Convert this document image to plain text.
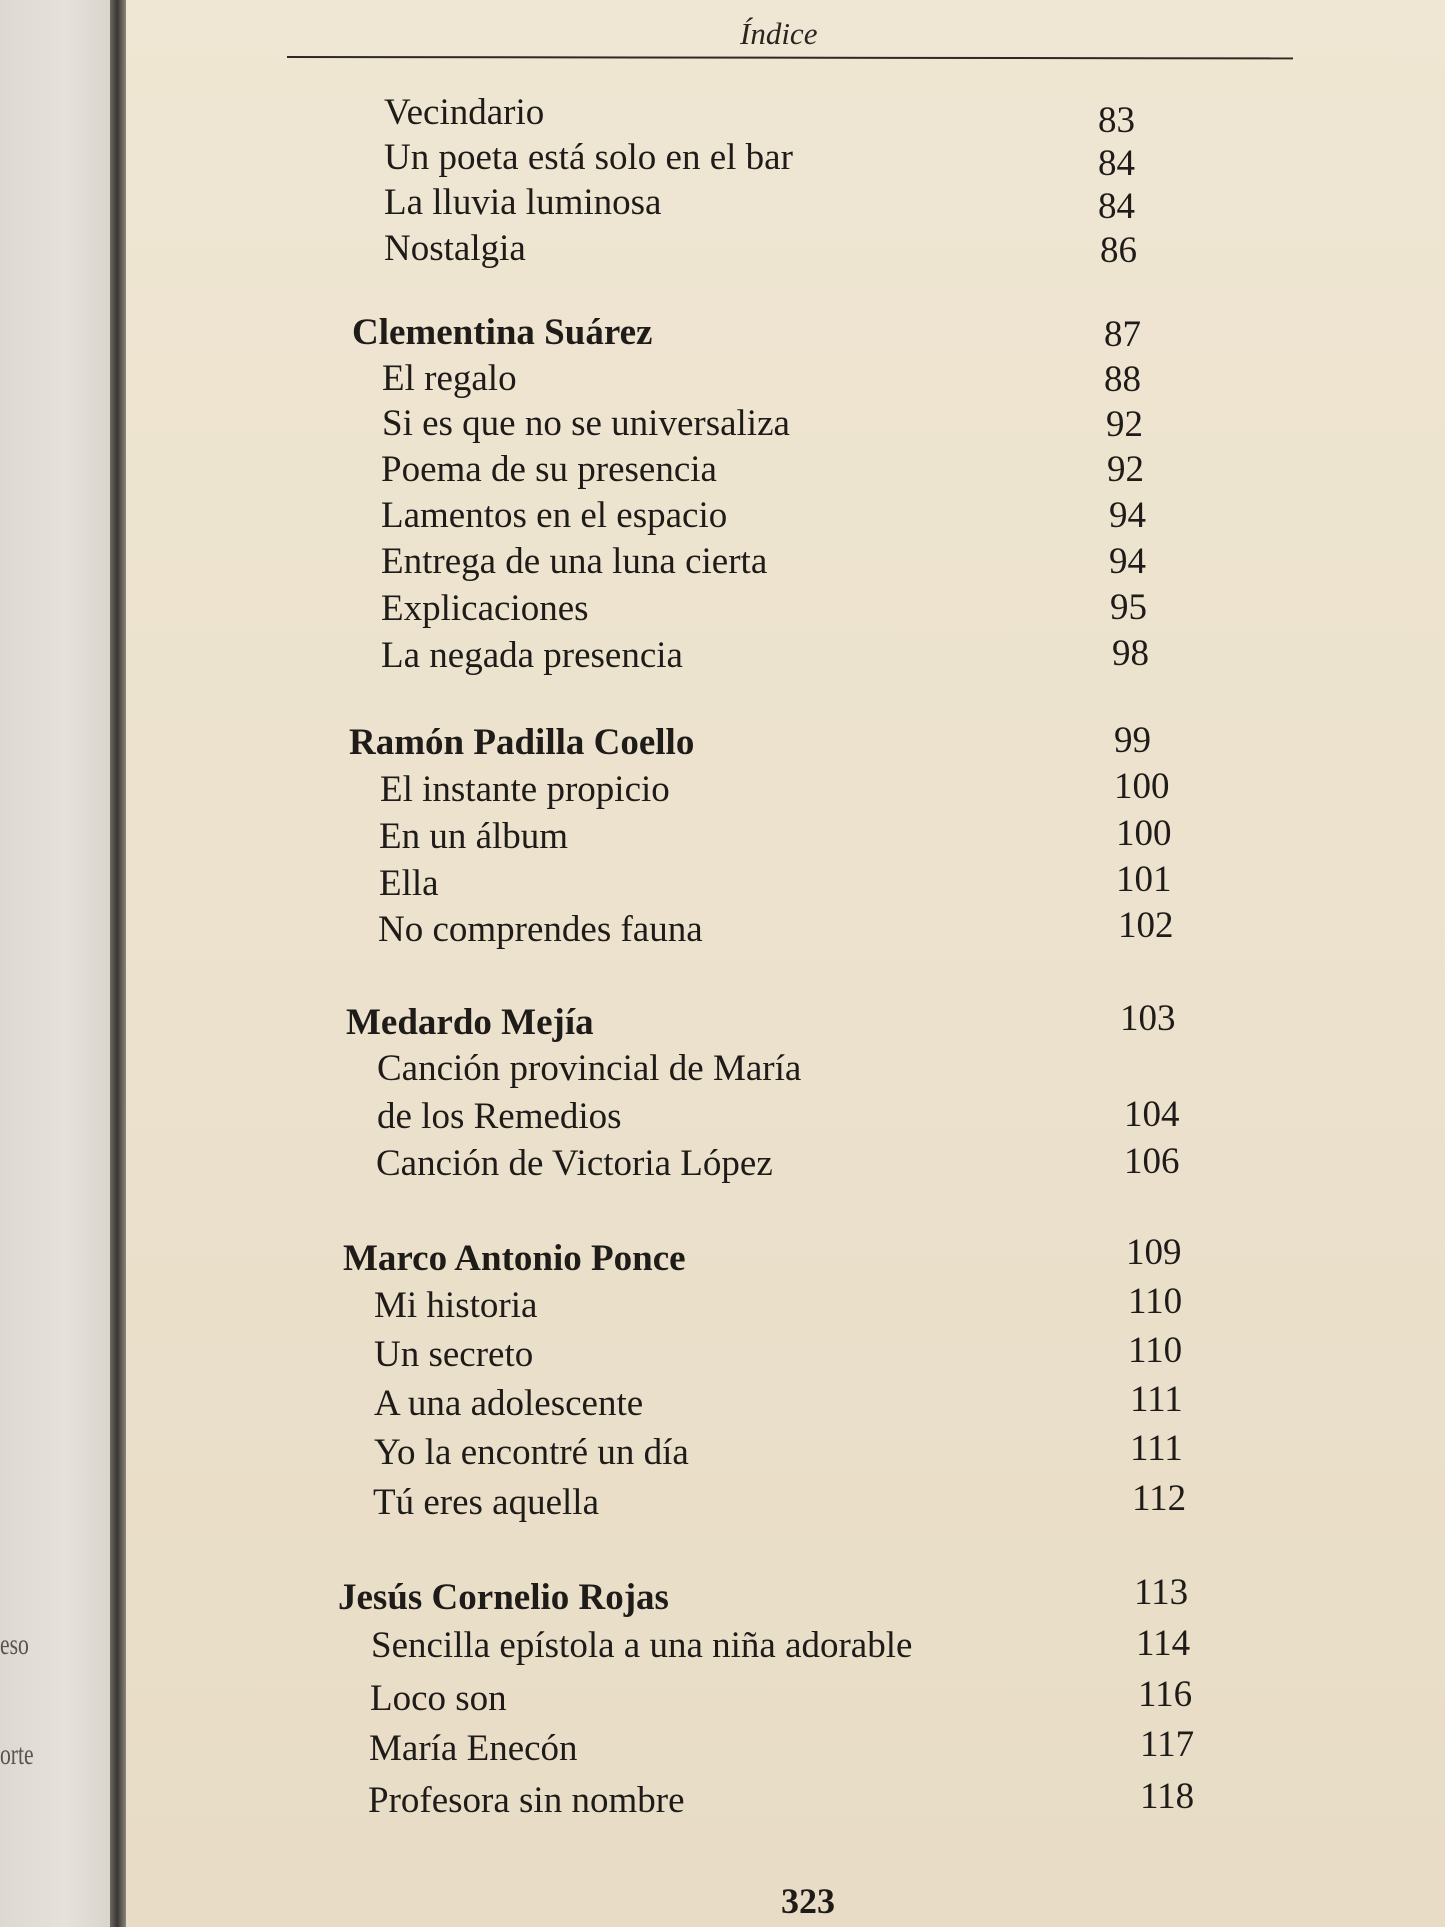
eso
orte
Índice
Vecindario	83
Un poeta está solo en el bar	84
La lluvia luminosa	84
Nostalgia	86
Clementina Suárez	87
El regalo	88
Si es que no se universaliza	92
Poema de su presencia	92
Lamentos en el espacio	94
Entrega de una luna cierta	94
Explicaciones	95
La negada presencia	98
Ramón Padilla Coello	99
El instante propicio	100
En un álbum	100
Ella	101
No comprendes fauna	102
Medardo Mejía	103
Canción provincial de María
de los Remedios	104
Canción de Victoria López	106
Marco Antonio Ponce	109
Mi historia	110
Un secreto	110
A una adolescente	111
Yo la encontré un día	111
Tú eres aquella	112
Jesús Cornelio Rojas	113
Sencilla epístola a una niña adorable	114
Loco son	116
María Enecón	117
Profesora sin nombre	118
323
